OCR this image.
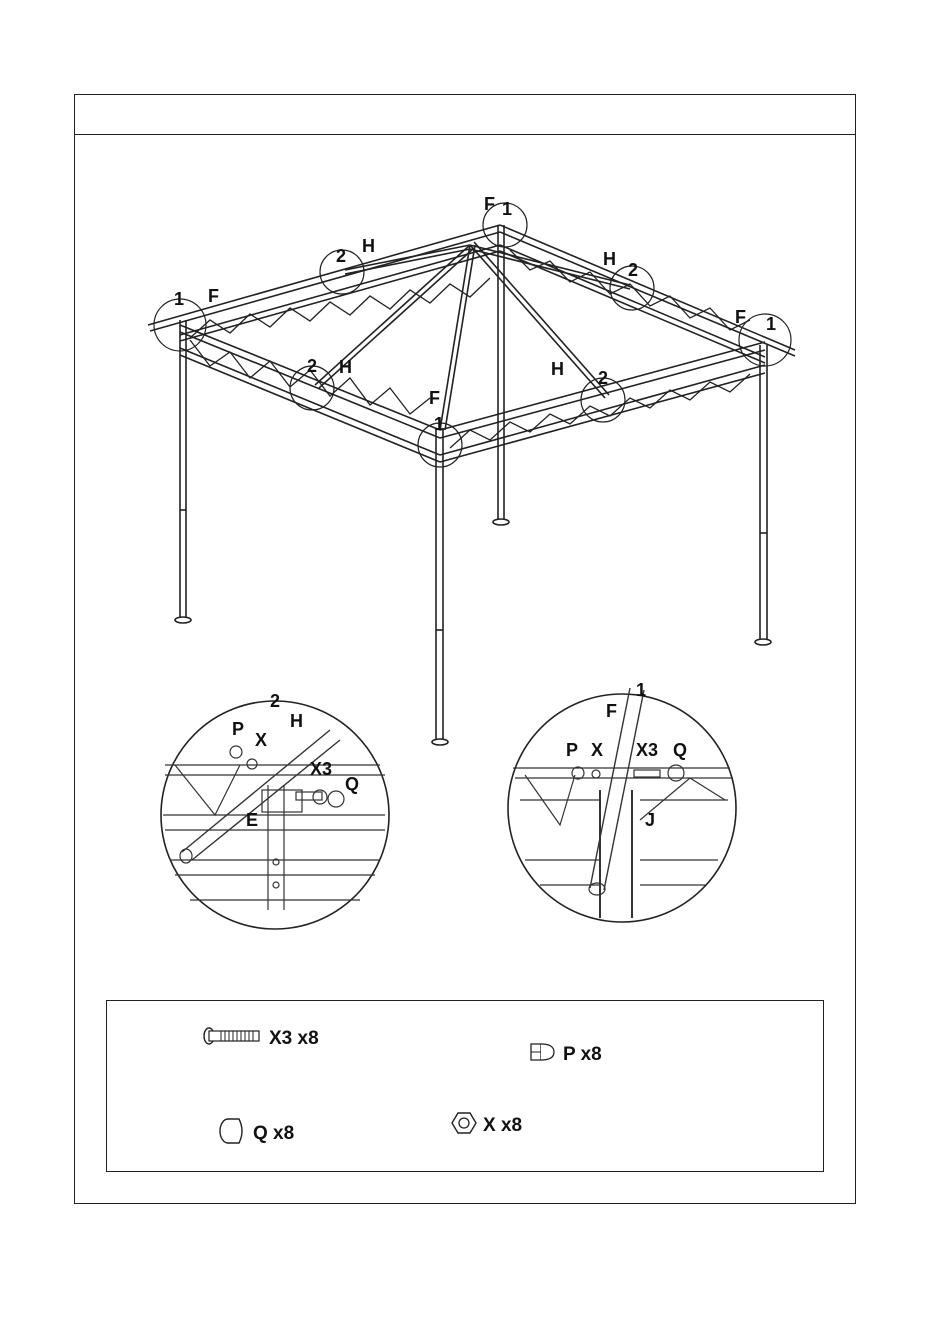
F 1
2 H
H
2
1 F
F 1
2 H	H 2
F
1
2
H
P
X
X3
Q
E
1
F
P X X3 Q
J
X3 x8
P x8
Q x8	X x8
